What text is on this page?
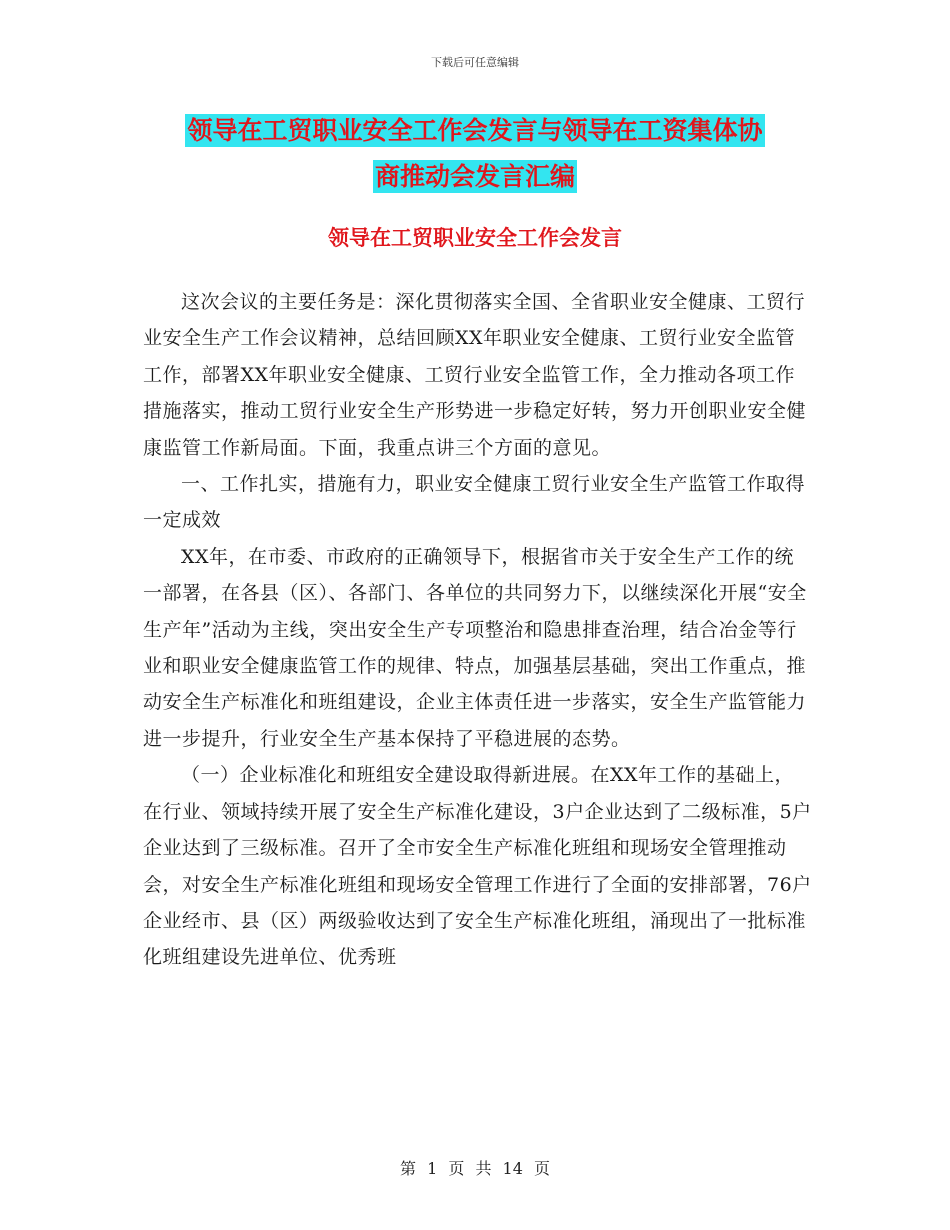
下载后可任意编辑
领导在工贸职业安全工作会发言与领导在工资集体协
商推动会发言汇编
领导在工贸职业安全工作会发言

这次会议的主要任务是：深化贯彻落实全国、全省职业安全健康、工贸行业安全生产工作会议精神，总结回顾XX年职业安全健康、工贸行业安全监管工作，部署XX年职业安全健康、工贸行业安全监管工作，全力推动各项工作措施落实，推动工贸行业安全生产形势进一步稳定好转，努力开创职业安全健康监管工作新局面。下面，我重点讲三个方面的意见。

一、工作扎实，措施有力，职业安全健康工贸行业安全生产监管工作取得一定成效

XX年，在市委、市政府的正确领导下，根据省市关于安全生产工作的统一部署，在各县（区）、各部门、各单位的共同努力下，以继续深化开展“安全生产年”活动为主线，突出安全生产专项整治和隐患排查治理，结合冶金等行业和职业安全健康监管工作的规律、特点，加强基层基础，突出工作重点，推动安全生产标准化和班组建设，企业主体责任进一步落实，安全生产监管能力进一步提升，行业安全生产基本保持了平稳进展的态势。

（一）企业标准化和班组安全建设取得新进展。在XX年工作的基础上，在行业、领域持续开展了安全生产标准化建设，3户企业达到了二级标准，5户企业达到了三级标准。召开了全市安全生产标准化班组和现场安全管理推动会，对安全生产标准化班组和现场安全管理工作进行了全面的安排部署，76户企业经市、县（区）两级验收达到了安全生产标准化班组，涌现出了一批标准化班组建设先进单位、优秀班

第 1 页 共 14 页
